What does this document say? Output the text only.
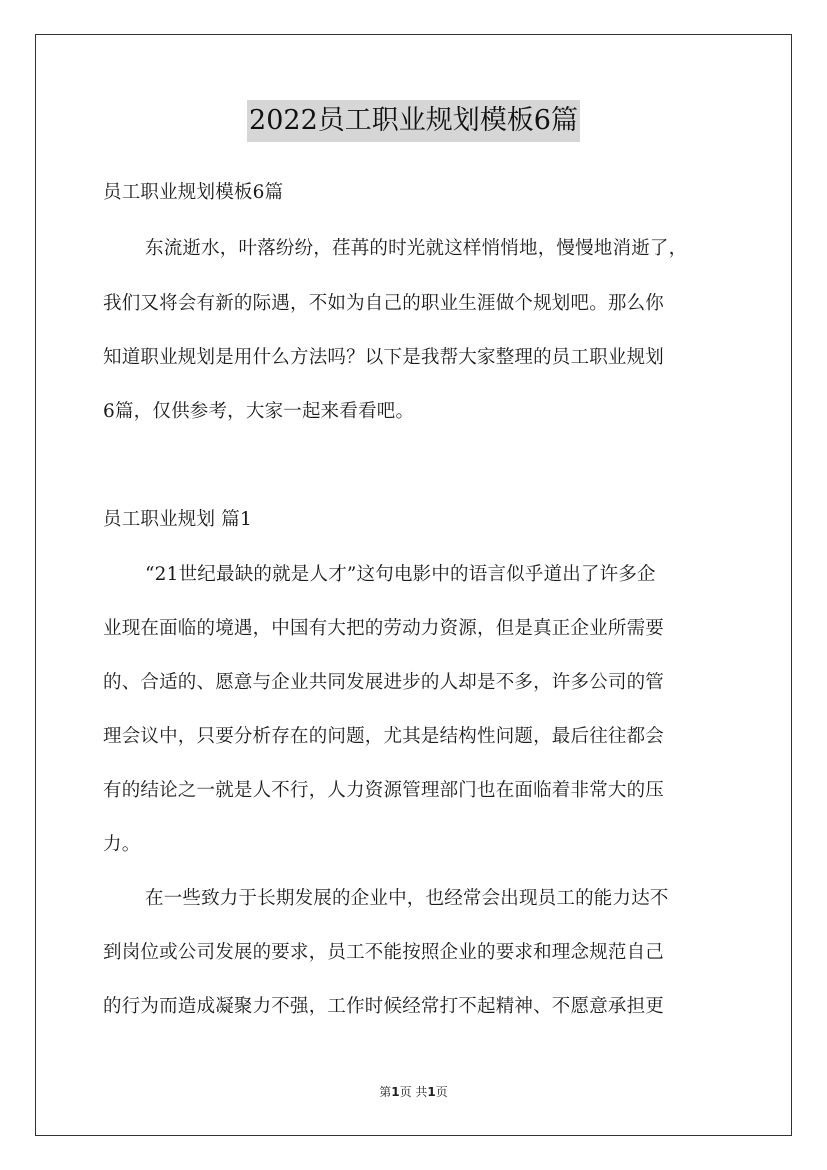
2022员工职业规划模板6篇
员工职业规划模板6篇
东流逝水，叶落纷纷，荏苒的时光就这样悄悄地，慢慢地消逝了，
我们又将会有新的际遇，不如为自己的职业生涯做个规划吧。那么你
知道职业规划是用什么方法吗？以下是我帮大家整理的员工职业规划
6篇，仅供参考，大家一起来看看吧。
员工职业规划 篇1
“21世纪最缺的就是人才”这句电影中的语言似乎道出了许多企
业现在面临的境遇，中国有大把的劳动力资源，但是真正企业所需要
的、合适的、愿意与企业共同发展进步的人却是不多，许多公司的管
理会议中，只要分析存在的问题，尤其是结构性问题，最后往往都会
有的结论之一就是人不行，人力资源管理部门也在面临着非常大的压
力。
在一些致力于长期发展的企业中，也经常会出现员工的能力达不
到岗位或公司发展的要求，员工不能按照企业的要求和理念规范自己
的行为而造成凝聚力不强，工作时候经常打不起精神、不愿意承担更
第1页 共1页
